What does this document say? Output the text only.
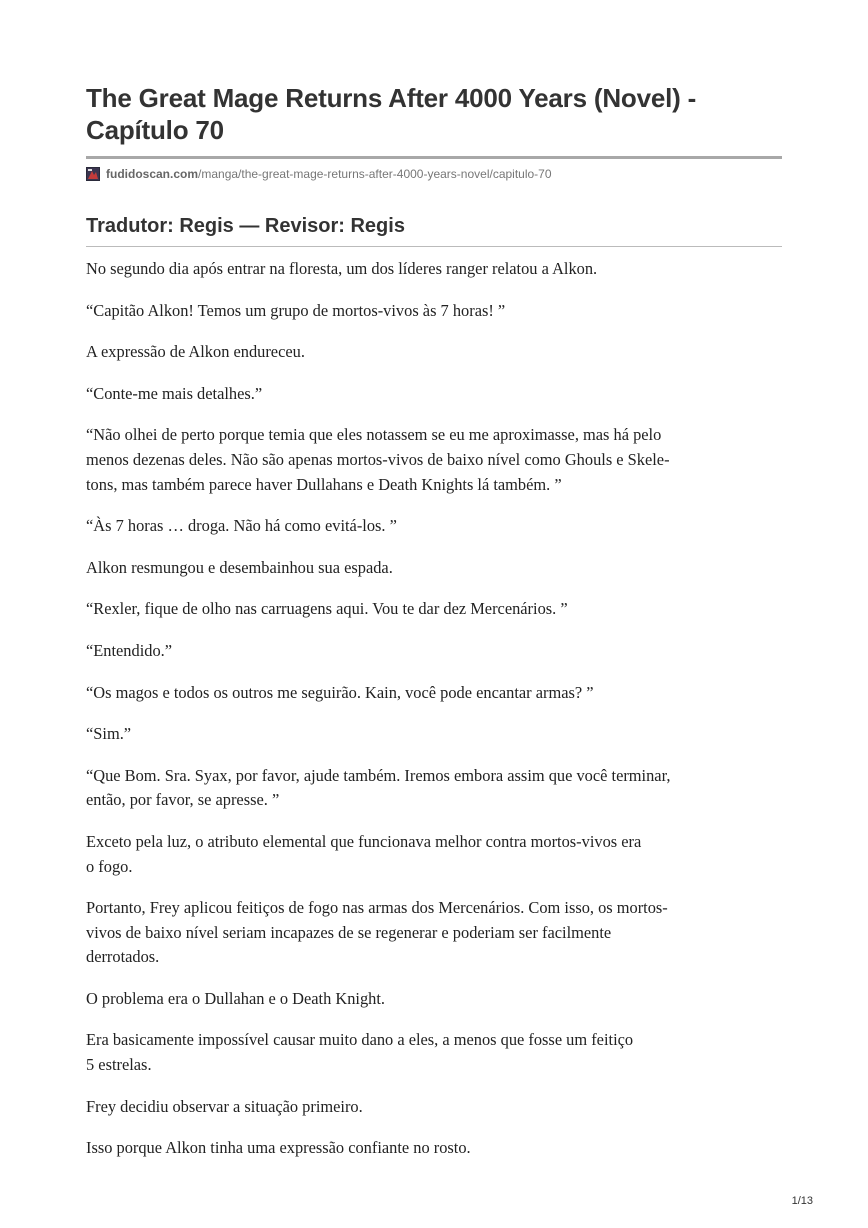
The Great Mage Returns After 4000 Years (Novel) -
Capítulo 70
fudidoscan.com /manga/the-great-mage-returns-after-4000-years-novel/capitulo-70
Tradutor: Regis — Revisor: Regis

No segundo dia após entrar na floresta, um dos líderes ranger relatou a Alkon.

“Capitão Alkon! Temos um grupo de mortos-vivos às 7 horas! ”

A expressão de Alkon endureceu.

“Conte-me mais detalhes.”

“Não olhei de perto porque temia que eles notassem se eu me aproximasse, mas há pelo
menos dezenas deles. Não são apenas mortos-vivos de baixo nível como Ghouls e Skele-
tons, mas também parece haver Dullahans e Death Knights lá também. ”

“Às 7 horas … droga. Não há como evitá-los. ”

Alkon resmungou e desembainhou sua espada.

“Rexler, fique de olho nas carruagens aqui. Vou te dar dez Mercenários. ”

“Entendido.”

“Os magos e todos os outros me seguirão. Kain, você pode encantar armas? ”

“Sim.”

“Que Bom. Sra. Syax, por favor, ajude também. Iremos embora assim que você terminar,
então, por favor, se apresse. ”

Exceto pela luz, o atributo elemental que funcionava melhor contra mortos-vivos era
o fogo.

Portanto, Frey aplicou feitiços de fogo nas armas dos Mercenários. Com isso, os mortos-
vivos de baixo nível seriam incapazes de se regenerar e poderiam ser facilmente
derrotados.

O problema era o Dullahan e o Death Knight.

Era basicamente impossível causar muito dano a eles, a menos que fosse um feitiço
5 estrelas.

Frey decidiu observar a situação primeiro.

Isso porque Alkon tinha uma expressão confiante no rosto.

1/13
